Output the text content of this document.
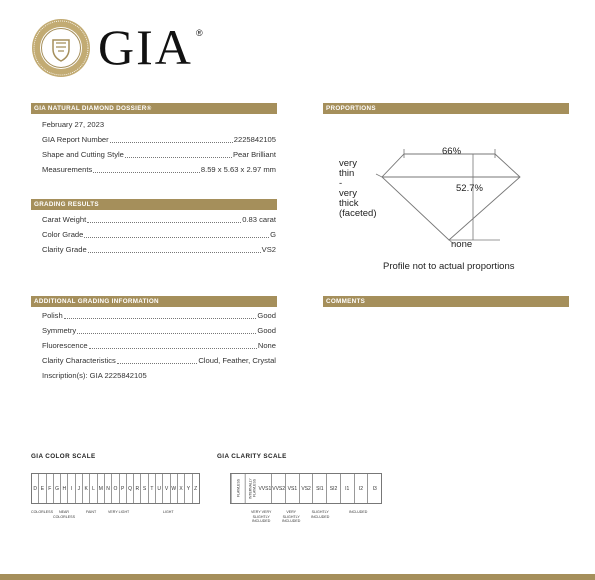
GIA ®
GIA NATURAL DIAMOND DOSSIER®
February 27, 2023
GIA Report Number	2225842105
Shape and Cutting Style	Pear Brilliant
Measurements	8.59 x 5.63 x 2.97 mm
GRADING RESULTS
Carat Weight	0.83 carat
Color Grade	G
Clarity Grade	VS2
ADDITIONAL GRADING INFORMATION
Polish	Good
Symmetry	Good
Fluorescence	None
Clarity Characteristics	Cloud, Feather, Crystal
Inscription(s): GIA 2225842105
PROPORTIONS
66%
52.7%
very
thin
-
very
thick
(faceted)
none
Profile not to actual proportions
COMMENTS
GIA COLOR SCALE
D E F G H I	J K L M N O P Q R S T U V W X Y Z
COLORLESS	NEAR
COLORLESS
FAINT	VERY LIGHT	LIGHT
GIA CLARITY SCALE
FLAWLESS	INTERNALLY FLAWLESS VVS1 VVS2 VS1 VS2	SI1	SI2	I1	I2	I3
VERY VERY
SLIGHTLY
INCLUDED
VERY
SLIGHTLY
INCLUDED
SLIGHTLY
INCLUDED
INCLUDED
